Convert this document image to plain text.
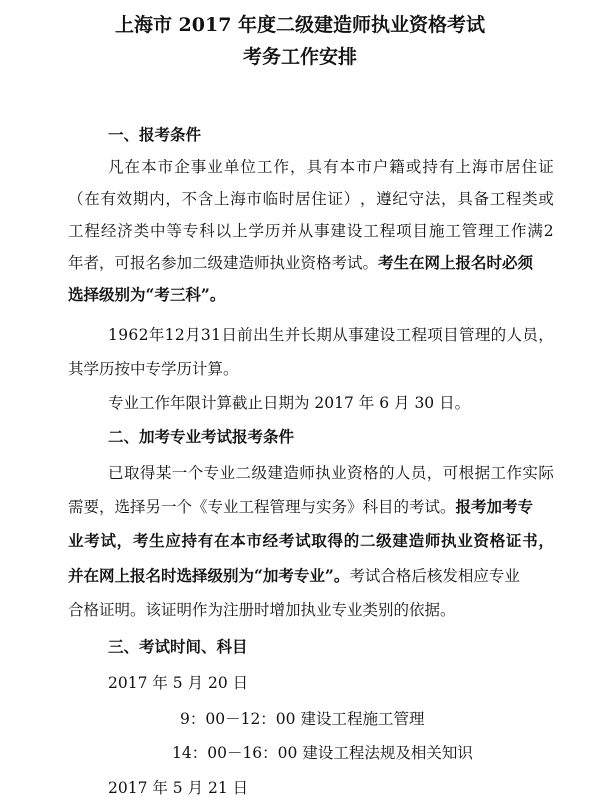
上海市 2017 年度二级建造师执业资格考试
考务工作安排
一、报考条件
凡 在 本 市 企 事 业 单 位 工 作 ， 具 有 本 市 户 籍 或 持 有 上 海 市 居 住 证
（ 在 有 效 期 内 ， 不 含 上 海 市 临 时 居 住 证 ） ， 遵 纪 守 法 ， 具 备 工 程 类 或
工 程 经 济 类 中 等 专 科 以 上 学 历 并 从 事 建 设 工 程 项 目 施 工 管 理 工 作 满 2
年者，可报名参加二级建造师执业资格考试。考生在网上报名时必须
选择级别为“考三科”。
1 9 6 2 年 1 2 月 3 1 日 前 出 生 并 长 期 从 事 建 设 工 程 项 目 管 理 的 人 员 ，
其学历按中专学历计算。
专业工作年限计算截止日期为 2017 年 6 月 30 日。
二、加考专业考试报考条件
已 取 得 某 一 个 专 业 二 级 建 造 师 执 业 资 格 的 人 员 ， 可 根 据 工 作 实 际
需要，选择另一个《专业工程管理与实务》科目的考试。报考加考专
业 考 试 ， 考 生 应 持 有 在 本 市 经 考 试 取 得 的 二 级 建 造 师 执 业 资 格 证 书 ，
并在网上报名时选择级别为“加考专业”。考试合格后核发相应专业
合格证明。该证明作为注册时增加执业专业类别的依据。
三、考试时间、科目
2017 年 5 月 20 日
9：00－12：00 建设工程施工管理
14：00－16：00 建设工程法规及相关知识
2017 年 5 月 21 日
